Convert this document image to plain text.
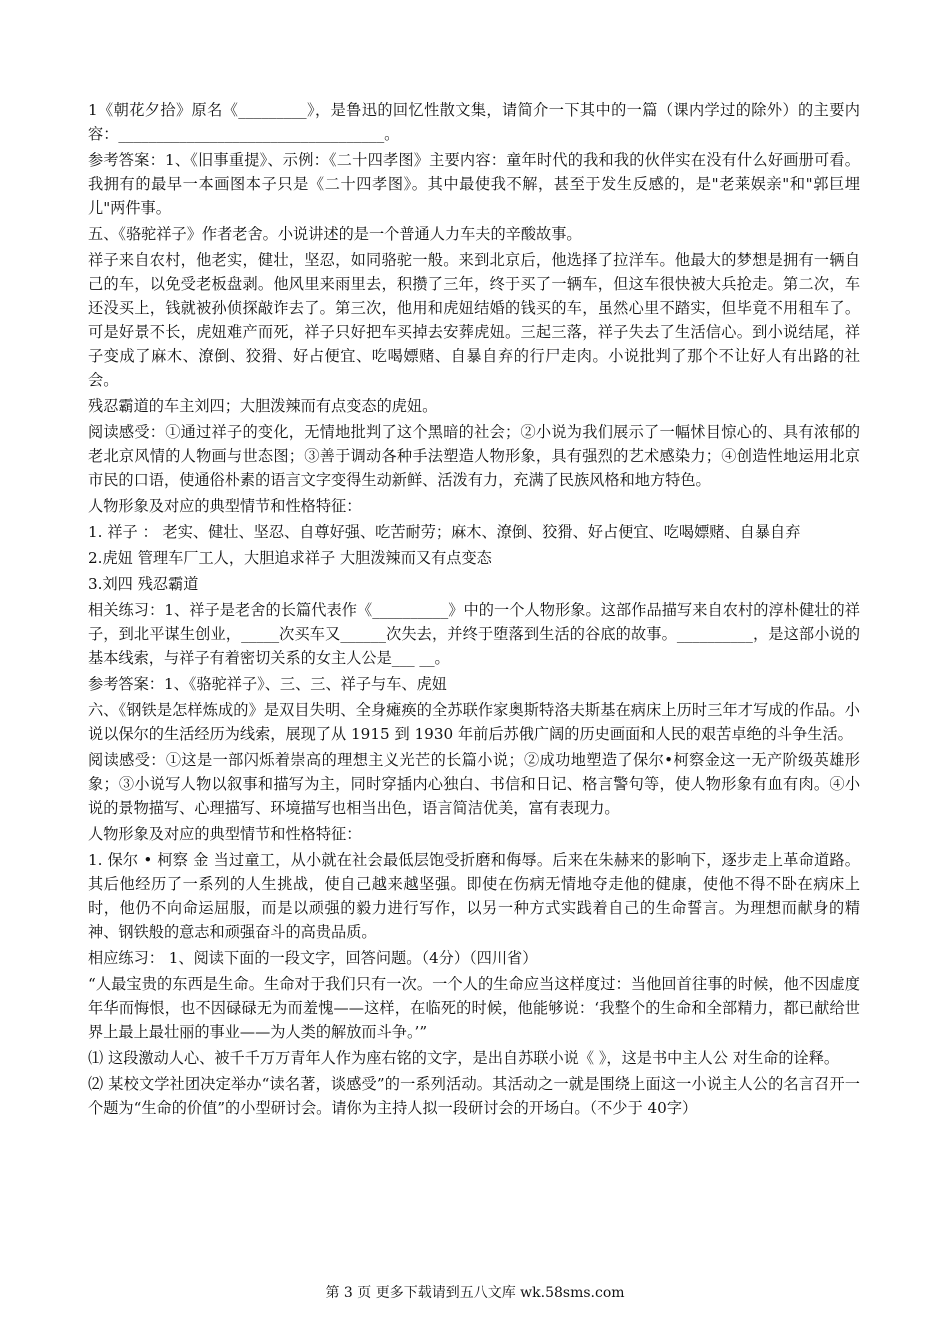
1《朝花夕拾》原名《_________》，是鲁迅的回忆性散文集，请简介一下其中的一篇（课内学过的除外）的主要内容：___________________________________。

参考答案：1、《旧事重提》、示例：《二十四孝图》主要内容：童年时代的我和我的伙伴实在没有什么好画册可看。我拥有的最早一本画图本子只是《二十四孝图》。其中最使我不解，甚至于发生反感的，是"老莱娱亲"和"郭巨埋儿"两件事。

五、《骆驼祥子》作者老舍。小说讲述的是一个普通人力车夫的辛酸故事。

祥子来自农村，他老实，健壮，坚忍，如同骆驼一般。来到北京后，他选择了拉洋车。他最大的梦想是拥有一辆自己的车，以免受老板盘剥。他风里来雨里去，积攒了三年，终于买了一辆车，但这车很快被大兵抢走。第二次，车还没买上，钱就被孙侦探敲诈去了。第三次，他用和虎妞结婚的钱买的车，虽然心里不踏实，但毕竟不用租车了。可是好景不长，虎妞难产而死，祥子只好把车买掉去安葬虎妞。三起三落，祥子失去了生活信心。到小说结尾，祥子变成了麻木、潦倒、狡猾、好占便宜、吃喝嫖赌、自暴自弃的行尸走肉。小说批判了那个不让好人有出路的社会。

残忍霸道的车主刘四；大胆泼辣而有点变态的虎妞。

阅读感受：①通过祥子的变化，无情地批判了这个黑暗的社会；②小说为我们展示了一幅怵目惊心的、具有浓郁的老北京风情的人物画与世态图；③善于调动各种手法塑造人物形象，具有强烈的艺术感染力；④创造性地运用北京市民的口语，使通俗朴素的语言文字变得生动新鲜、活泼有力，充满了民族风格和地方特色。

人物形象及对应的典型情节和性格特征：

1. 祥子 ： 老实、健壮、坚忍、自尊好强、吃苦耐劳；麻木、潦倒、狡猾、好占便宜、吃喝嫖赌、自暴自弃

2.虎妞 管理车厂工人，大胆追求祥子 大胆泼辣而又有点变态

3.刘四 残忍霸道

相关练习：1、祥子是老舍的长篇代表作《__________》中的一个人物形象。这部作品描写来自农村的淳朴健壮的祥子，到北平谋生创业，_____次买车又______次失去，并终于堕落到生活的谷底的故事。__________，是这部小说的基本线索，与祥子有着密切关系的女主人公是___ __。

参考答案：1、《骆驼祥子》、三、三、祥子与车、虎妞

六、《钢铁是怎样炼成的》是双目失明、全身瘫痪的全苏联作家奥斯特洛夫斯基在病床上历时三年才写成的作品。小说以保尔的生活经历为线索，展现了从 1915 到 1930 年前后苏俄广阔的历史画面和人民的艰苦卓绝的斗争生活。

阅读感受：①这是一部闪烁着崇高的理想主义光芒的长篇小说；②成功地塑造了保尔•柯察金这一无产阶级英雄形象；③小说写人物以叙事和描写为主，同时穿插内心独白、书信和日记、格言警句等，使人物形象有血有肉。④小说的景物描写、心理描写、环境描写也相当出色，语言简洁优美，富有表现力。

人物形象及对应的典型情节和性格特征：

1. 保尔 • 柯察 金 当过童工，从小就在社会最低层饱受折磨和侮辱。后来在朱赫来的影响下，逐步走上革命道路。其后他经历了一系列的人生挑战，使自己越来越坚强。即使在伤病无情地夺走他的健康，使他不得不卧在病床上时，他仍不向命运屈服，而是以顽强的毅力进行写作，以另一种方式实践着自己的生命誓言。为理想而献身的精神、钢铁般的意志和顽强奋斗的高贵品质。

相应练习： 1、阅读下面的一段文字，回答问题。（4分）（四川省）

“人最宝贵的东西是生命。生命对于我们只有一次。一个人的生命应当这样度过：当他回首往事的时候，他不因虚度年华而悔恨，也不因碌碌无为而羞愧——这样，在临死的时候，他能够说：‘我整个的生命和全部精力，都已献给世界上最上最壮丽的事业——为人类的解放而斗争。’”

⑴ 这段激动人心、被千千万万青年人作为座右铭的文字，是出自苏联小说《 》，这是书中主人公 对生命的诠释。

⑵ 某校文学社团决定举办“读名著，谈感受”的一系列活动。其活动之一就是围绕上面这一小说主人公的名言召开一个题为“生命的价值”的小型研讨会。请你为主持人拟一段研讨会的开场白。（不少于 40字）

第 3 页 更多下载请到五八文库 wk.58sms.com
